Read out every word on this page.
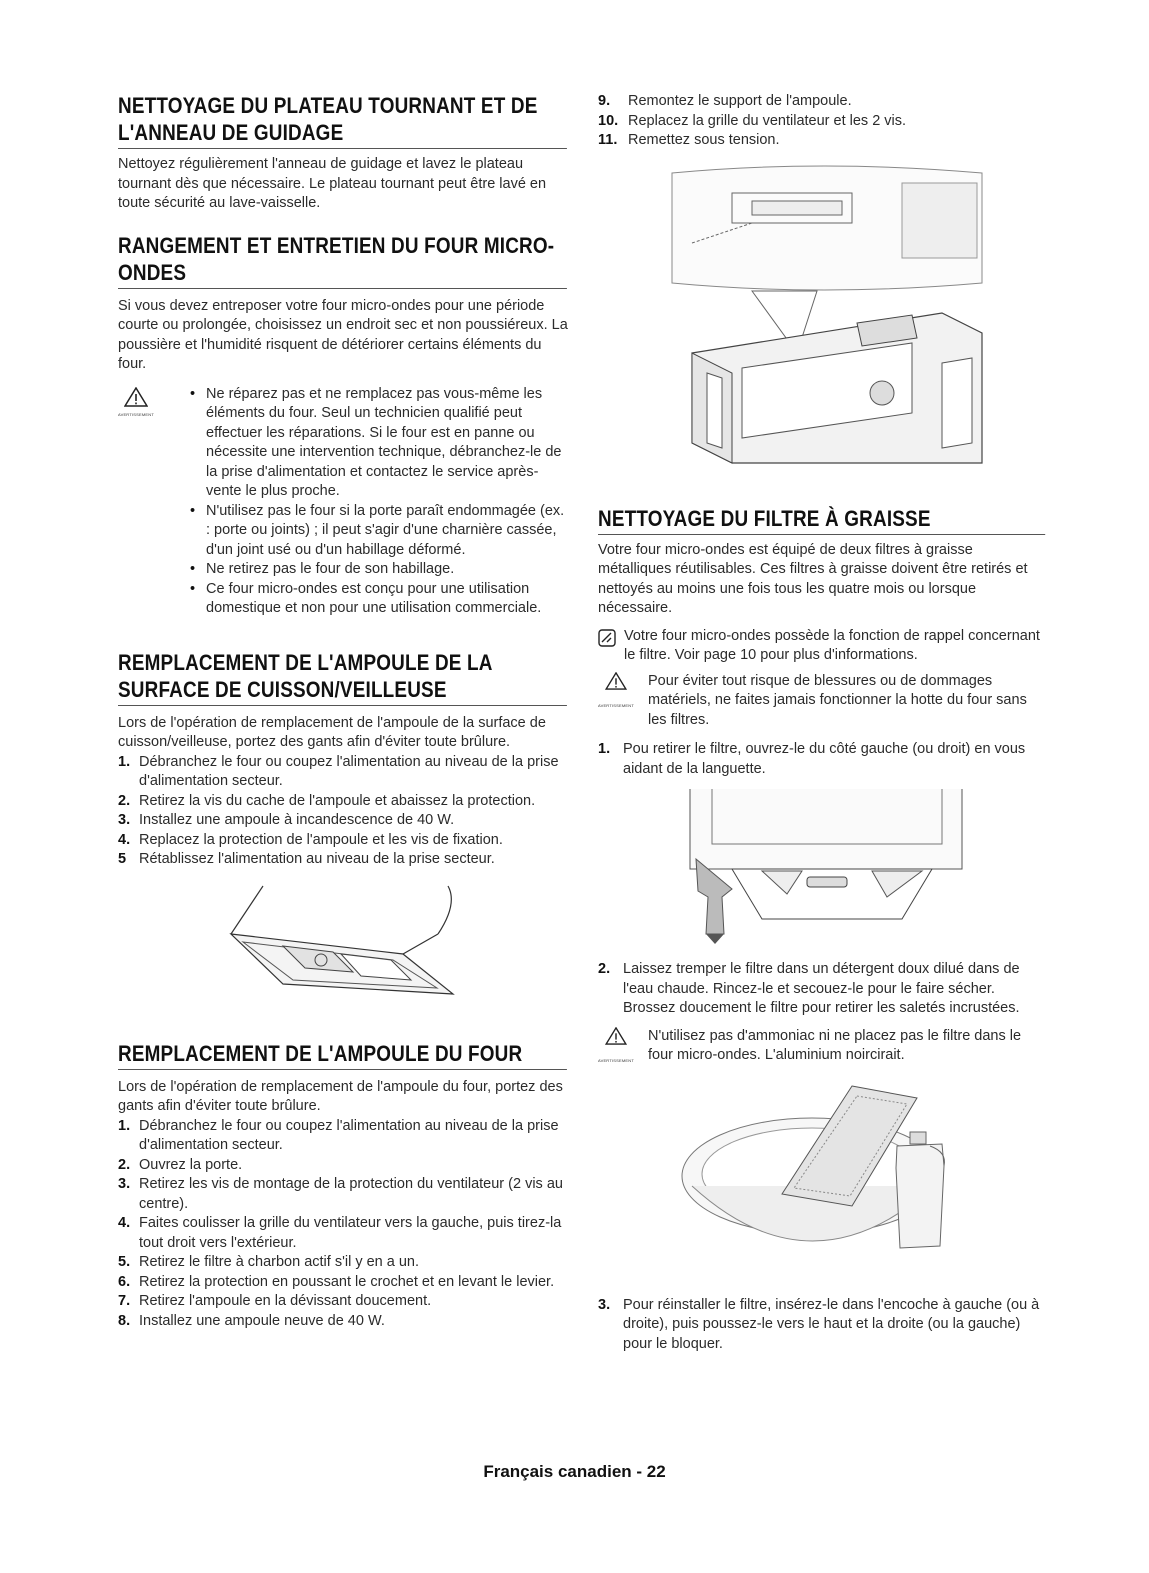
NETTOYAGE DU PLATEAU TOURNANT ET DE L'ANNEAU DE GUIDAGE

Nettoyez régulièrement l'anneau de guidage et lavez le plateau tournant dès que nécessaire. Le plateau tournant peut être lavé en toute sécurité au lave-vaisselle.

RANGEMENT ET ENTRETIEN DU FOUR MICRO-ONDES

Si vous devez entreposer votre four micro-ondes pour une période courte ou prolongée, choisissez un endroit sec et non poussiéreux. La poussière et l'humidité risquent de détériorer certains éléments du four.

AVERTISSEMENT
• Ne réparez pas et ne remplacez pas vous-même les éléments du four. Seul un technicien qualifié peut effectuer les réparations. Si le four est en panne ou nécessite une intervention technique, débranchez-le de la prise d'alimentation et contactez le service après-vente le plus proche.
• N'utilisez pas le four si la porte paraît endommagée (ex. : porte ou joints) ; il peut s'agir d'une charnière cassée, d'un joint usé ou d'un habillage déformé.
• Ne retirez pas le four de son habillage.
• Ce four micro-ondes est conçu pour une utilisation domestique et non pour une utilisation commerciale.
REMPLACEMENT DE L'AMPOULE DE LA SURFACE DE CUISSON/VEILLEUSE

Lors de l'opération de remplacement de l'ampoule de la surface de cuisson/veilleuse, portez des gants afin d'éviter toute brûlure.

1. Débranchez le four ou coupez l'alimentation au niveau de la prise d'alimentation secteur.
2. Retirez la vis du cache de l'ampoule et abaissez la protection.
3. Installez une ampoule à incandescence de 40 W.
4. Replacez la protection de l'ampoule et les vis de fixation.
5 Rétablissez l'alimentation au niveau de la prise secteur.
REMPLACEMENT DE L'AMPOULE DU FOUR

Lors de l'opération de remplacement de l'ampoule du four, portez des gants afin d'éviter toute brûlure.

1. Débranchez le four ou coupez l'alimentation au niveau de la prise d'alimentation secteur.
2. Ouvrez la porte.
3. Retirez les vis de montage de la protection du ventilateur (2 vis au centre).
4. Faites coulisser la grille du ventilateur vers la gauche, puis tirez-la tout droit vers l'extérieur.
5. Retirez le filtre à charbon actif s'il y en a un.
6. Retirez la protection en poussant le crochet et en levant le levier.
7. Retirez l'ampoule en la dévissant doucement.
8. Installez une ampoule neuve de 40 W.
9. Remontez le support de l'ampoule.
10. Replacez la grille du ventilateur et les 2 vis.
11. Remettez sous tension.
NETTOYAGE DU FILTRE À GRAISSE

Votre four micro-ondes est équipé de deux filtres à graisse métalliques réutilisables. Ces filtres à graisse doivent être retirés et nettoyés au moins une fois tous les quatre mois ou lorsque nécessaire.

Votre four micro-ondes possède la fonction de rappel concernant le filtre. Voir page 10 pour plus d'informations.
AVERTISSEMENT
Pour éviter tout risque de blessures ou de dommages matériels, ne faites jamais fonctionner la hotte du four sans les filtres.
1. Pou retirer le filtre, ouvrez-le du côté gauche (ou droit) en vous aidant de la languette.
2. Laissez tremper le filtre dans un détergent doux dilué dans de l'eau chaude. Rincez-le et secouez-le pour le faire sécher. Brossez doucement le filtre pour retirer les saletés incrustées.
AVERTISSEMENT
N'utilisez pas d'ammoniac ni ne placez pas le filtre dans le four micro-ondes. L'aluminium noircirait.
3. Pour réinstaller le filtre, insérez-le dans l'encoche à gauche (ou à droite), puis poussez-le vers le haut et la droite (ou la gauche) pour le bloquer.
Français canadien - 22
